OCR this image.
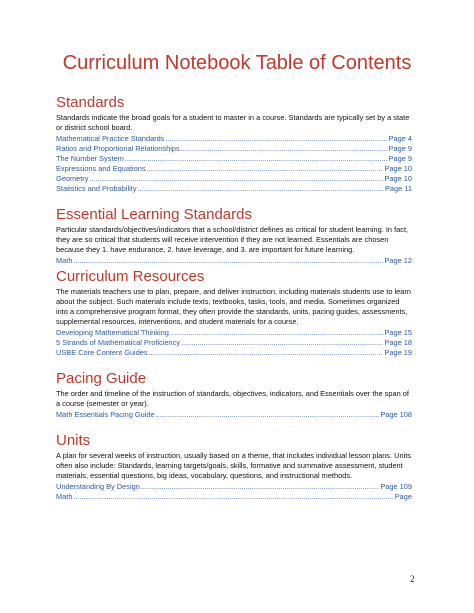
Curriculum Notebook Table of Contents
Standards

Standards indicate the broad goals for a student to master in a course. Standards are typically set by a state or district school board.

Mathematical Practice Standards .....	Page 4
Ratios and Proportional Relationships .....	Page 9
The Number System .....	Page 9
Expressions and Equations .....	Page 10
Geometry .....	Page 10
Statistics and Probability .....	Page 11
Essential Learning Standards

Particular standards/objectives/indicators that a school/district defines as critical for student learning. In fact, they are so critical that students will receive intervention if they are not learned. Essentials are chosen because they 1. have endurance, 2. have leverage, and 3. are important for future learning.

Math .....	Page 12
Curriculum Resources

The materials teachers use to plan, prepare, and deliver instruction, including materials students use to learn about the subject. Such materials include texts, textbooks, tasks, tools, and media. Sometimes organized into a comprehensive program format, they often provide the standards, units, pacing guides, assessments, supplemental resources, interventions, and student materials for a course.

Developing Mathematical Thinking .....	Page 15
5 Strands of Mathematical Proficiency .....	Page 18
USBE Core Content Guides .....	Page 19
Pacing Guide

The order and timeline of the instruction of standards, objectives, indicators, and Essentials over the span of a course (semester or year).

Math Essentials Pacing Guide .....	Page 108
Units

A plan for several weeks of instruction, usually based on a theme, that includes individual lesson plans. Units often also include: Standards, learning targets/goals, skills, formative and summative assessment, student materials, essential questions, big ideas, vocabulary, questions, and instructional methods.

Understanding By Design .....	Page 109
Math .....	Page
2
